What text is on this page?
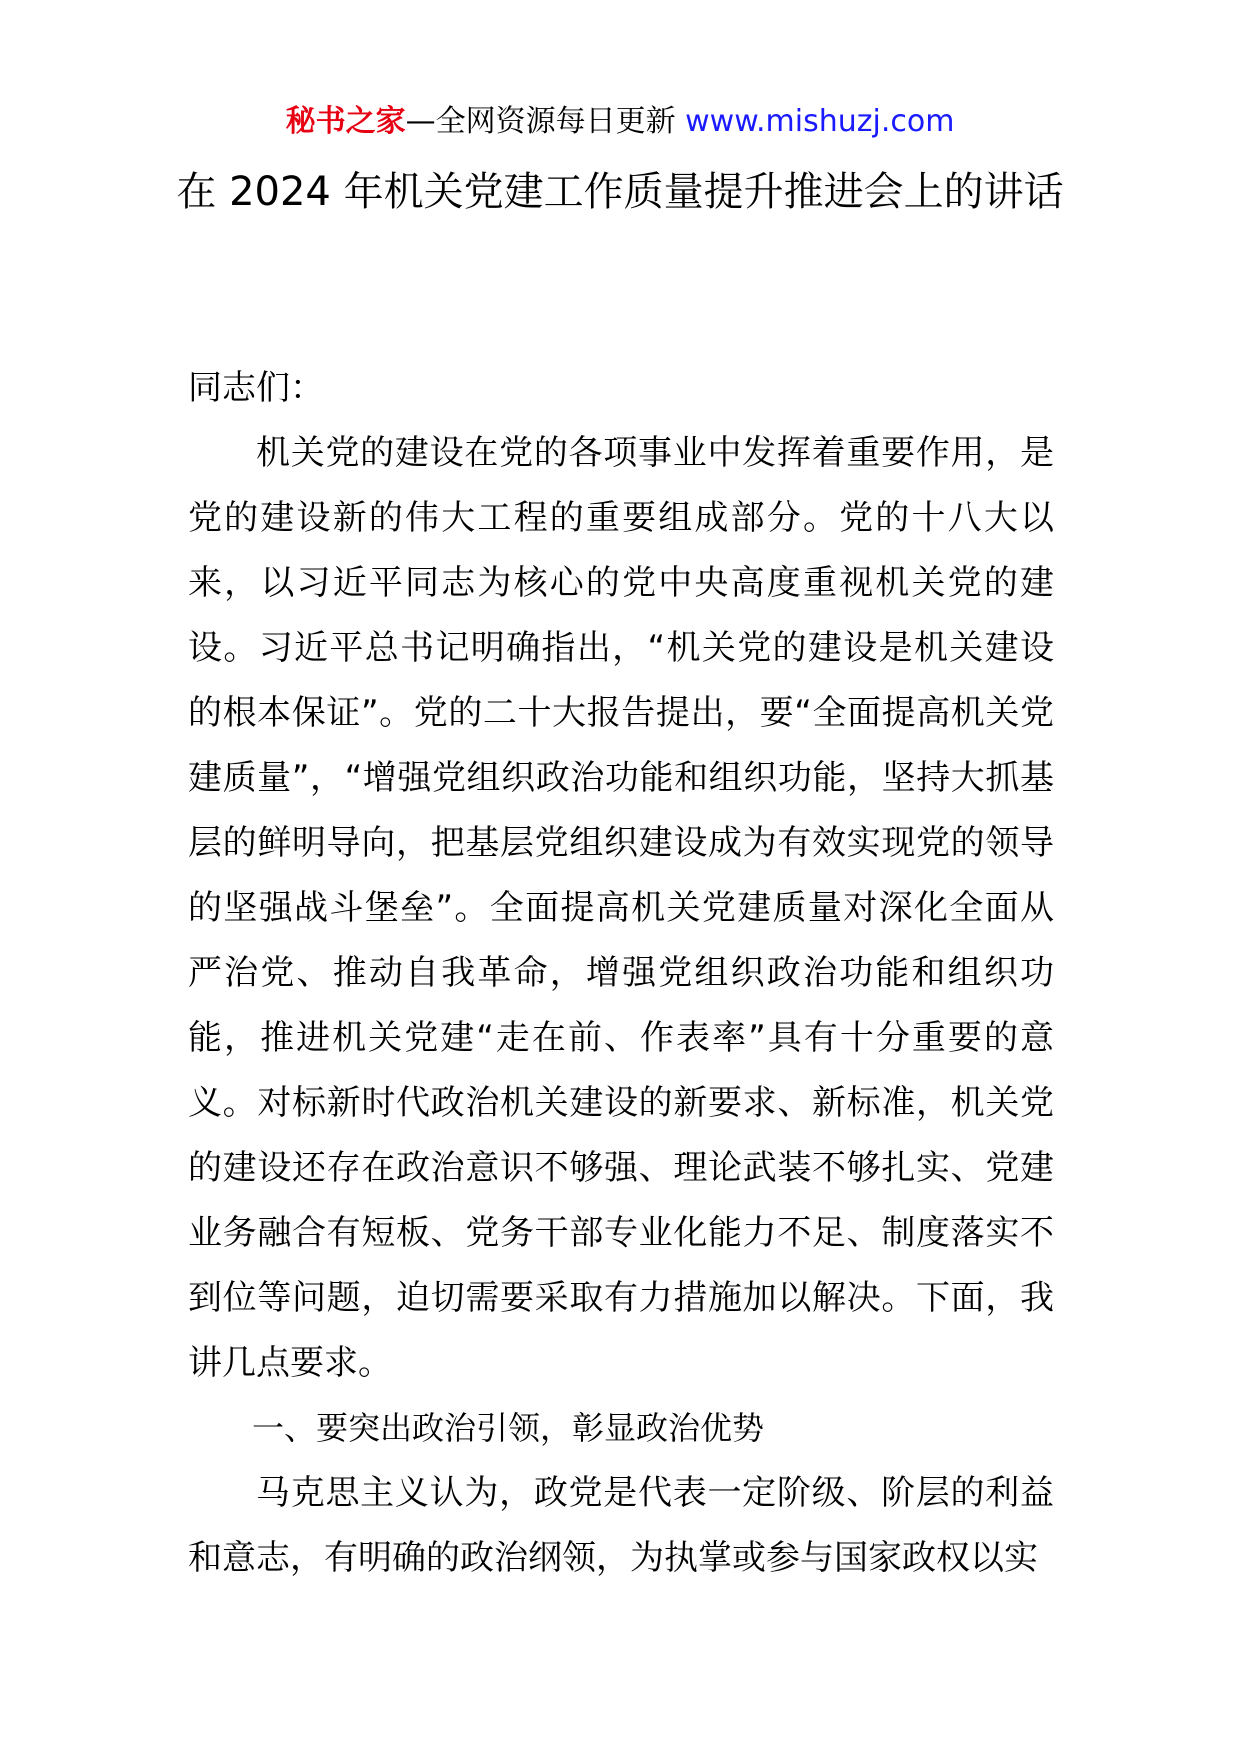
秘书之家—全网资源每日更新 www.mishuzj.com
在 2024 年机关党建工作质量提升推进会上的讲话

同志们：

机关党的建设在党的各项事业中发挥着重要作用，是党的建设新的伟大工程的重要组成部分。党的十八大以来，以习近平同志为核心的党中央高度重视机关党的建设。习近平总书记明确指出，“机关党的建设是机关建设的根本保证”。党的二十大报告提出，要“全面提高机关党建质量”，“增强党组织政治功能和组织功能，坚持大抓基层的鲜明导向，把基层党组织建设成为有效实现党的领导的坚强战斗堡垒”。全面提高机关党建质量对深化全面从严治党、推动自我革命，增强党组织政治功能和组织功能，推进机关党建“走在前、作表率”具有十分重要的意义。对标新时代政治机关建设的新要求、新标准，机关党的建设还存在政治意识不够强、理论武装不够扎实、党建业务融合有短板、党务干部专业化能力不足、制度落实不到位等问题，迫切需要采取有力措施加以解决。下面，我讲几点要求。

一、要突出政治引领，彰显政治优势

马克思主义认为，政党是代表一定阶级、阶层的利益和意志，有明确的政治纲领，为执掌或参与国家政权以实
